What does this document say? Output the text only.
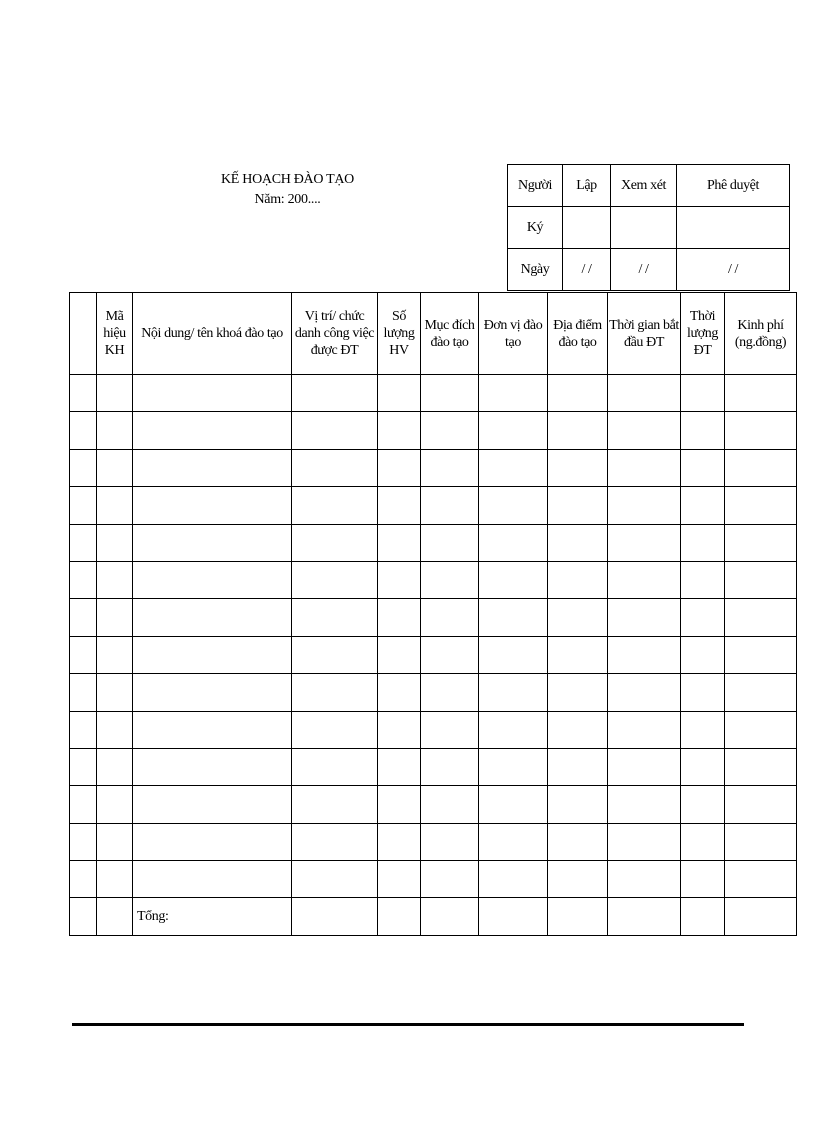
KẾ HOẠCH ĐÀO TẠO
Năm: 200....
Người	Lập	Xem xét	Phê duyệt
Ký			
Ngày	/ /	/ /	/ /
	Mã hiệu KH	Nội dung/ tên khoá đào tạo	Vị trí/ chức danh công việc được ĐT	Số lượng HV	Mục đích đào tạo	Đơn vị đào tạo	Địa điểm đào tạo	Thời gian bắt đầu ĐT	Thời lượng ĐT	Kinh phí (ng.đồng)

		Tổng:								
